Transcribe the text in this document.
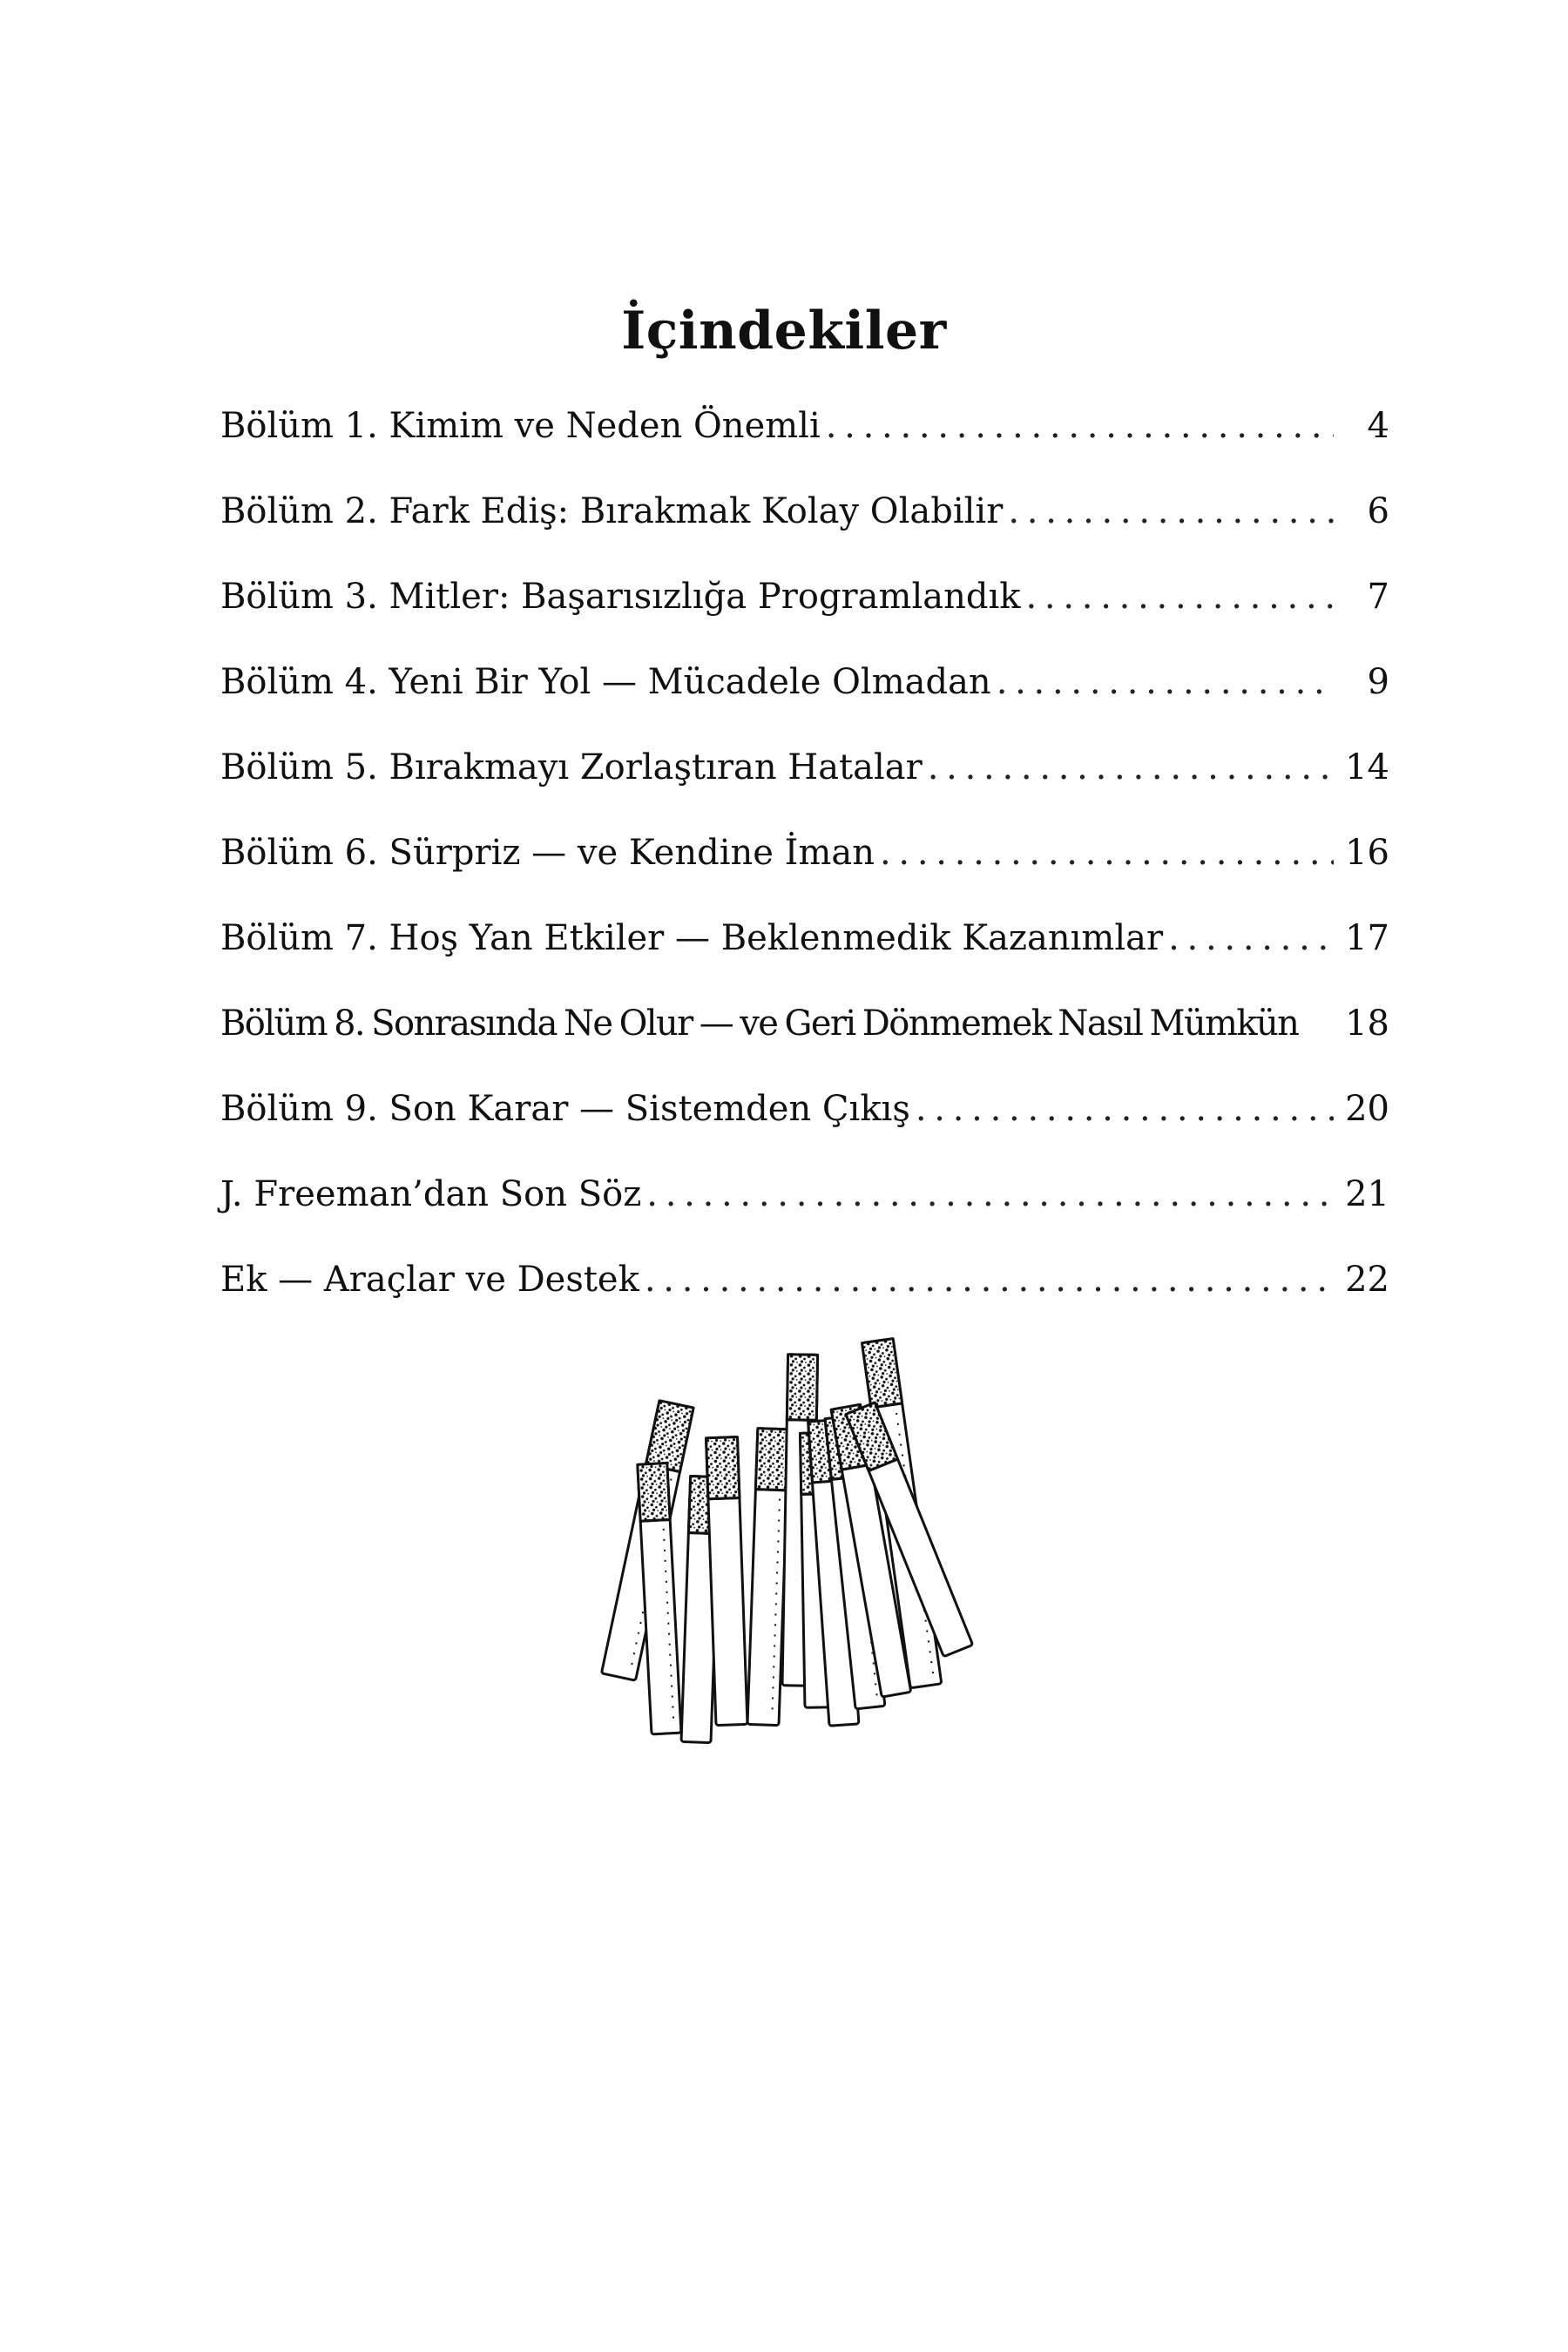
İçindekiler
Bölüm 1. Kimim ve Neden Önemli . . .	4
Bölüm 2. Fark Ediş: Bırakmak Kolay Olabilir . . .	6
Bölüm 3. Mitler: Başarısızlığa Programlandık . . .	7
Bölüm 4. Yeni Bir Yol — Mücadele Olmadan . . .	9
Bölüm 5. Bırakmayı Zorlaştıran Hatalar . . .	14
Bölüm 6. Sürpriz — ve Kendine İman . . .	16
Bölüm 7. Hoş Yan Etkiler — Beklenmedik Kazanımlar . . .	17
Bölüm 8. Sonrasında Ne Olur — ve Geri Dönmemek Nasıl Mümkün 18
Bölüm 9. Son Karar — Sistemden Çıkış . . .	20
J. Freeman’dan Son Söz . . .	21
Ek — Araçlar ve Destek . . .	22
